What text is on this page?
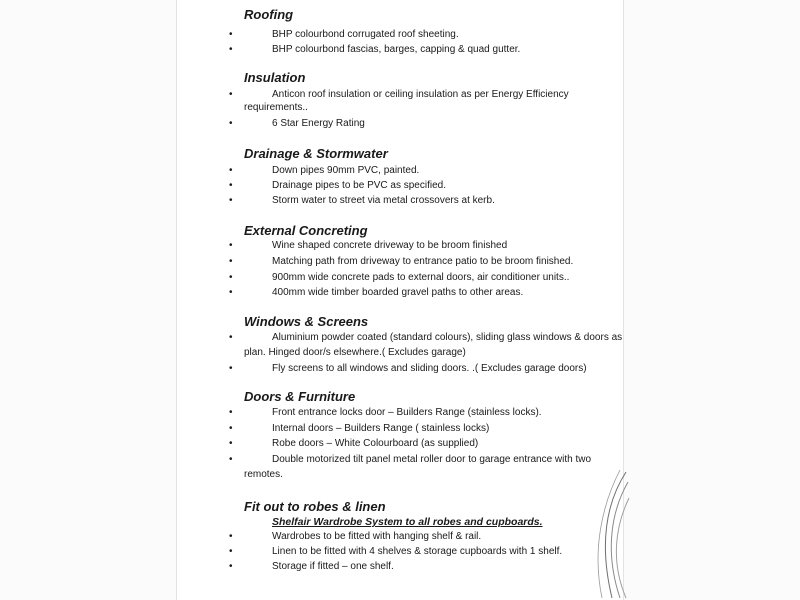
Roofing
•	BHP colourbond corrugated roof sheeting.
•	BHP colourbond fascias, barges, capping & quad gutter.
Insulation
•	Anticon roof insulation or ceiling insulation as per Energy Efficiency
requirements..
•	6 Star Energy Rating
Drainage & Stormwater
•	Down pipes 90mm PVC, painted.
•	Drainage pipes to be PVC as specified.
•	Storm water to street via metal crossovers at kerb.
External Concreting
•	Wine shaped concrete driveway to be broom finished
•	Matching path from driveway to entrance patio to be broom finished.
•	900mm wide concrete pads to external doors, air conditioner units..
•	400mm wide timber boarded gravel paths to other areas.
Windows & Screens
•	Aluminium powder coated (standard colours), sliding glass windows & doors as
plan. Hinged door/s elsewhere.( Excludes garage)
•	Fly screens to all windows and sliding doors. .( Excludes garage doors)
Doors & Furniture
•	Front entrance locks door – Builders Range (stainless locks).
•	Internal doors – Builders Range ( stainless locks)
•	Robe doors – White Colourboard (as supplied)
•	Double motorized tilt panel metal roller door to garage entrance with two
remotes.
Fit out to robes & linen
Shelfair Wardrobe System to all robes and cupboards.
•	Wardrobes to be fitted with hanging shelf & rail.
•	Linen to be fitted with 4 shelves & storage cupboards with 1 shelf.
•	Storage if fitted – one shelf.
